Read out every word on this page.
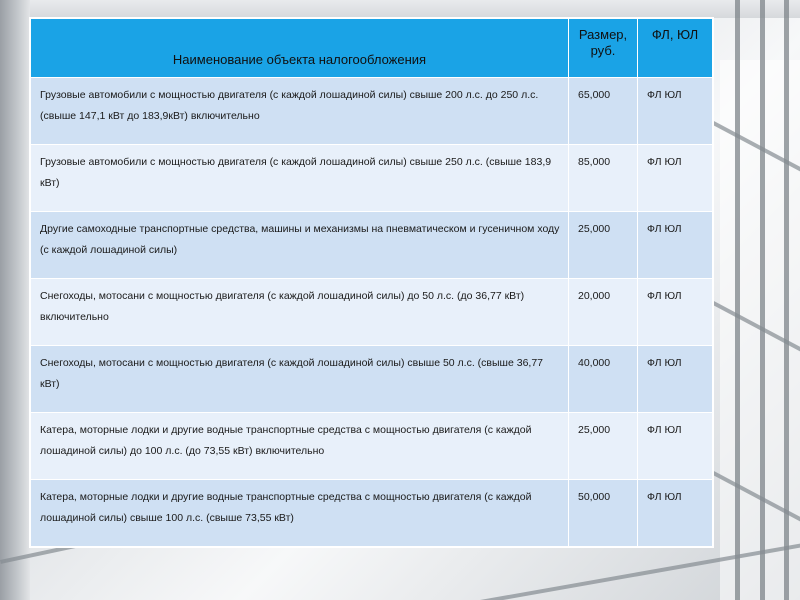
Наименование объекта налогообложения	Размер, руб.	ФЛ, ЮЛ
Грузовые автомобили с мощностью двигателя (с каждой лошадиной силы) свыше 200 л.с. до 250 л.с. (свыше 147,1 кВт до 183,9кВт) включительно	65,000	ФЛ ЮЛ
Грузовые автомобили с мощностью двигателя (с каждой лошадиной силы) свыше 250 л.с. (свыше 183,9 кВт)	85,000	ФЛ ЮЛ
Другие самоходные транспортные средства, машины и механизмы на пневматическом и гусеничном ходу (с каждой лошадиной силы)	25,000	ФЛ ЮЛ
Снегоходы, мотосани с мощностью двигателя (с каждой лошадиной силы) до 50 л.с. (до 36,77 кВт) включительно	20,000	ФЛ ЮЛ
Снегоходы, мотосани с мощностью двигателя (с каждой лошадиной силы) свыше 50 л.с. (свыше 36,77 кВт)	40,000	ФЛ ЮЛ
Катера, моторные лодки и другие водные транспортные средства с мощностью двигателя (с каждой лошадиной силы) до 100 л.с. (до 73,55 кВт) включительно	25,000	ФЛ ЮЛ
Катера, моторные лодки и другие водные транспортные средства с мощностью двигателя (с каждой лошадиной силы) свыше 100 л.с. (свыше 73,55 кВт)	50,000	ФЛ ЮЛ
